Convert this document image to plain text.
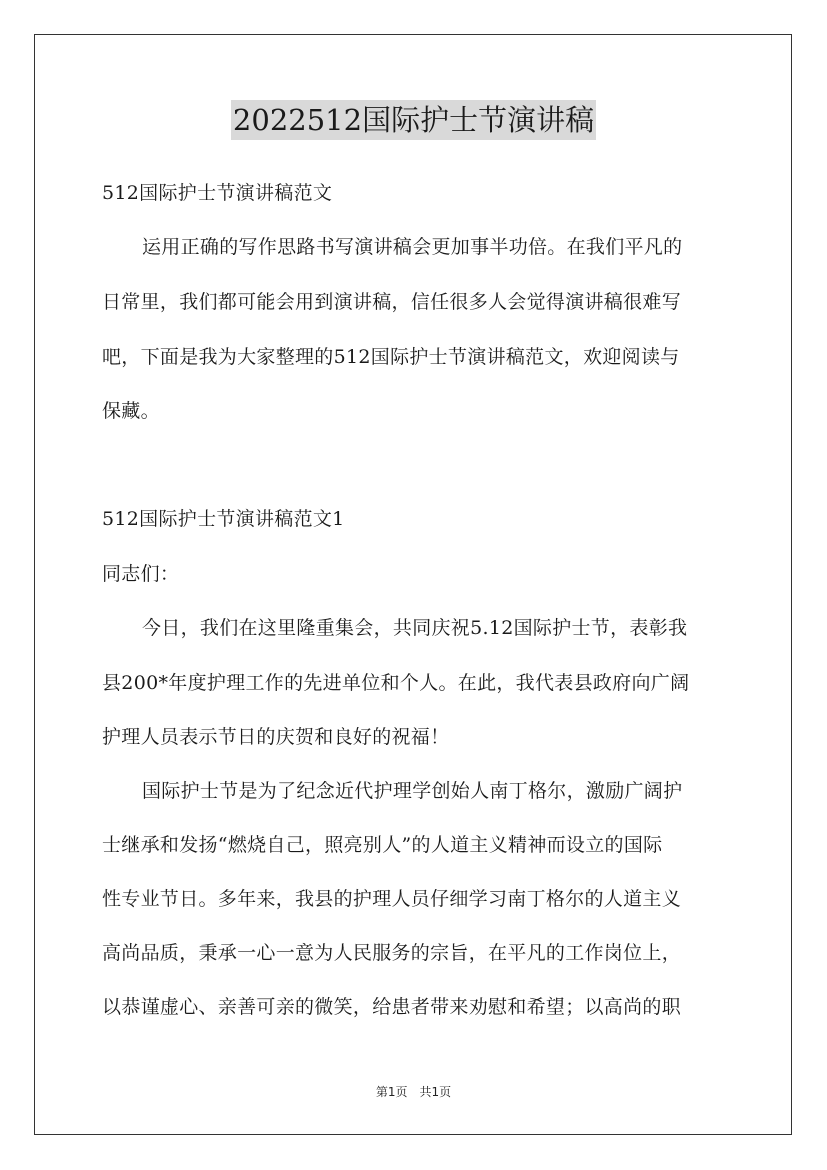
2022512国际护士节演讲稿
512国际护士节演讲稿范文
运用正确的写作思路书写演讲稿会更加事半功倍。在我们平凡的
日常里，我们都可能会用到演讲稿，信任很多人会觉得演讲稿很难写
吧，下面是我为大家整理的512国际护士节演讲稿范文，欢迎阅读与
保藏。
512国际护士节演讲稿范文1
同志们：
今日，我们在这里隆重集会，共同庆祝5.12国际护士节，表彰我
县200*年度护理工作的先进单位和个人。在此，我代表县政府向广阔
护理人员表示节日的庆贺和良好的祝福！
国际护士节是为了纪念近代护理学创始人南丁格尔，激励广阔护
士继承和发扬“燃烧自己，照亮别人”的人道主义精神而设立的国际
性专业节日。多年来，我县的护理人员仔细学习南丁格尔的人道主义
高尚品质，秉承一心一意为人民服务的宗旨，在平凡的工作岗位上，
以恭谨虚心、亲善可亲的微笑，给患者带来劝慰和希望；以高尚的职
第1页　共1页
